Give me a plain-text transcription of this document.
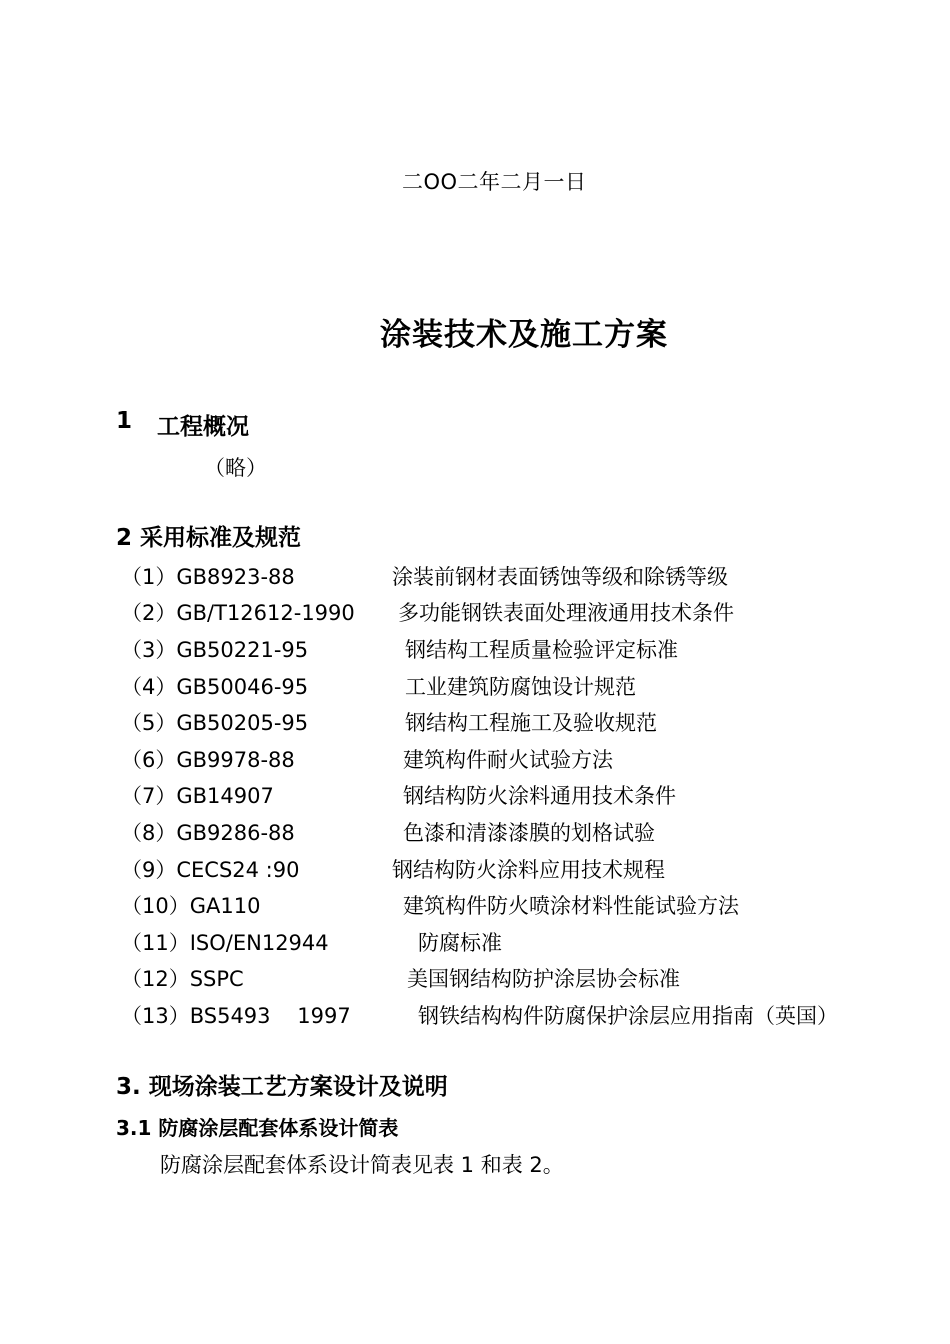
二OO二年二月一日
涂装技术及施工方案
1 工程概况
（略）
2 采用标准及规范
（1）GB8923-88	涂装前钢材表面锈蚀等级和除锈等级
（2）GB/T12612-1990 多功能钢铁表面处理液通用技术条件
（3）GB50221-95	钢结构工程质量检验评定标准
（4）GB50046-95	工业建筑防腐蚀设计规范
（5）GB50205-95	钢结构工程施工及验收规范
（6）GB9978-88	建筑构件耐火试验方法
（7）GB14907	钢结构防火涂料通用技术条件
（8）GB9286-88	色漆和清漆漆膜的划格试验
（9）CECS24 :90	钢结构防火涂料应用技术规程
（10）GA110	建筑构件防火喷涂材料性能试验方法
（11）ISO/EN12944	防腐标准
（12）SSPC	美国钢结构防护涂层协会标准
（13）BS5493    1997	钢铁结构构件防腐保护涂层应用指南（英国）
3. 现场涂装工艺方案设计及说明
3.1 防腐涂层配套体系设计简表
防腐涂层配套体系设计简表见表 1 和表 2。
